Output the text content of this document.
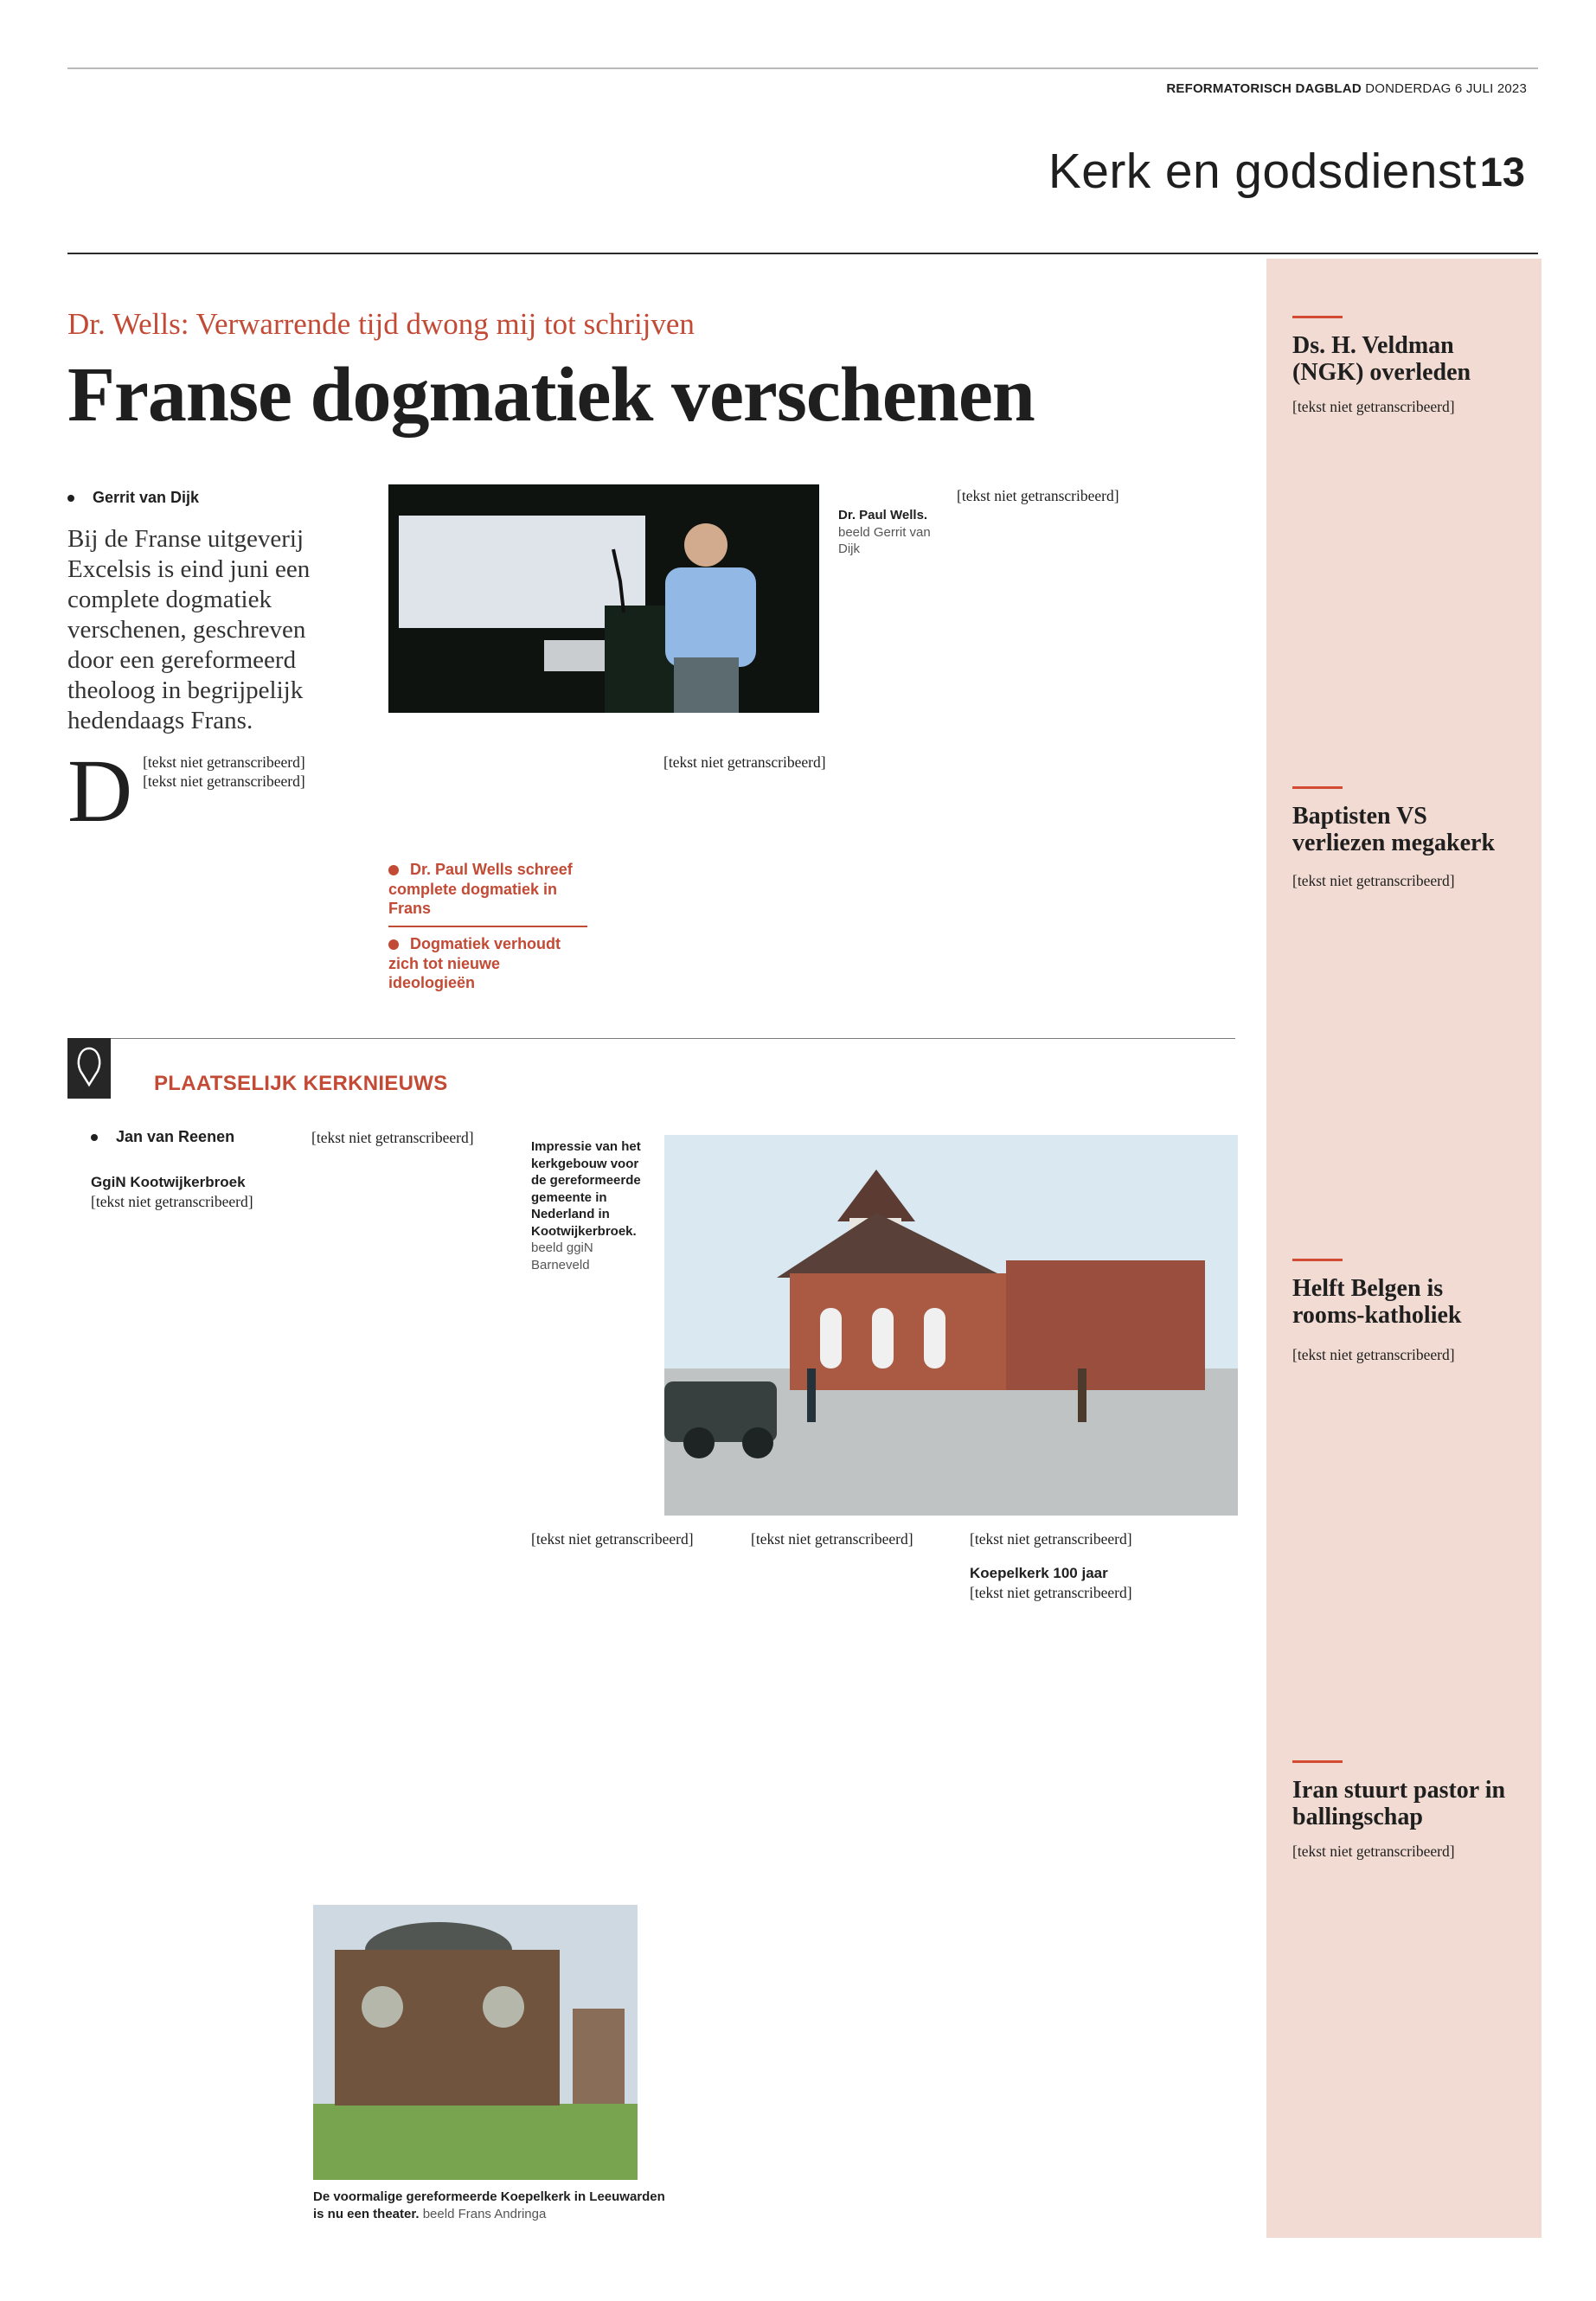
REFORMATORISCH DAGBLAD DONDERDAG 6 JULI 2023
Kerk en godsdienst 13
Dr. Wells: Verwarrende tijd dwong mij tot schrijven
Franse dogmatiek verschenen
Gerrit van Dijk
Bij de Franse uitgeverij Excelsis is eind juni een complete dogmatiek verschenen, geschreven door een gereformeerd theoloog in begrijpelijk hedendaags Frans.
D [tekst niet getranscribeerd]

[tekst niet getranscribeerd]

Dr. Paul Wells. beeld Gerrit van Dijk
Dr. Paul Wells schreef complete dogmatiek in Frans
Dogmatiek verhoudt zich tot nieuwe ideologieën

[tekst niet getranscribeerd]

[tekst niet getranscribeerd]

PLAATSELIJK KERKNIEUWS
Jan van Reenen

GgiN Kootwijkerbroek

[tekst niet getranscribeerd]

[tekst niet getranscribeerd]

Impressie van het kerkgebouw voor de gereformeerde gemeente in Nederland in Kootwijkerbroek. beeld ggiN Barneveld

[tekst niet getranscribeerd]	[tekst niet getranscribeerd]	[tekst niet getranscribeerd]

Koepelkerk 100 jaar

[tekst niet getranscribeerd]

De voormalige gereformeerde Koepelkerk in Leeuwarden is nu een theater. beeld Frans Andringa
Ds. H. Veldman (NGK) overleden

[tekst niet getranscribeerd]

Baptisten VS verliezen megakerk

[tekst niet getranscribeerd]

Helft Belgen is rooms-katholiek

[tekst niet getranscribeerd]

Iran stuurt pastor in ballingschap

[tekst niet getranscribeerd]
